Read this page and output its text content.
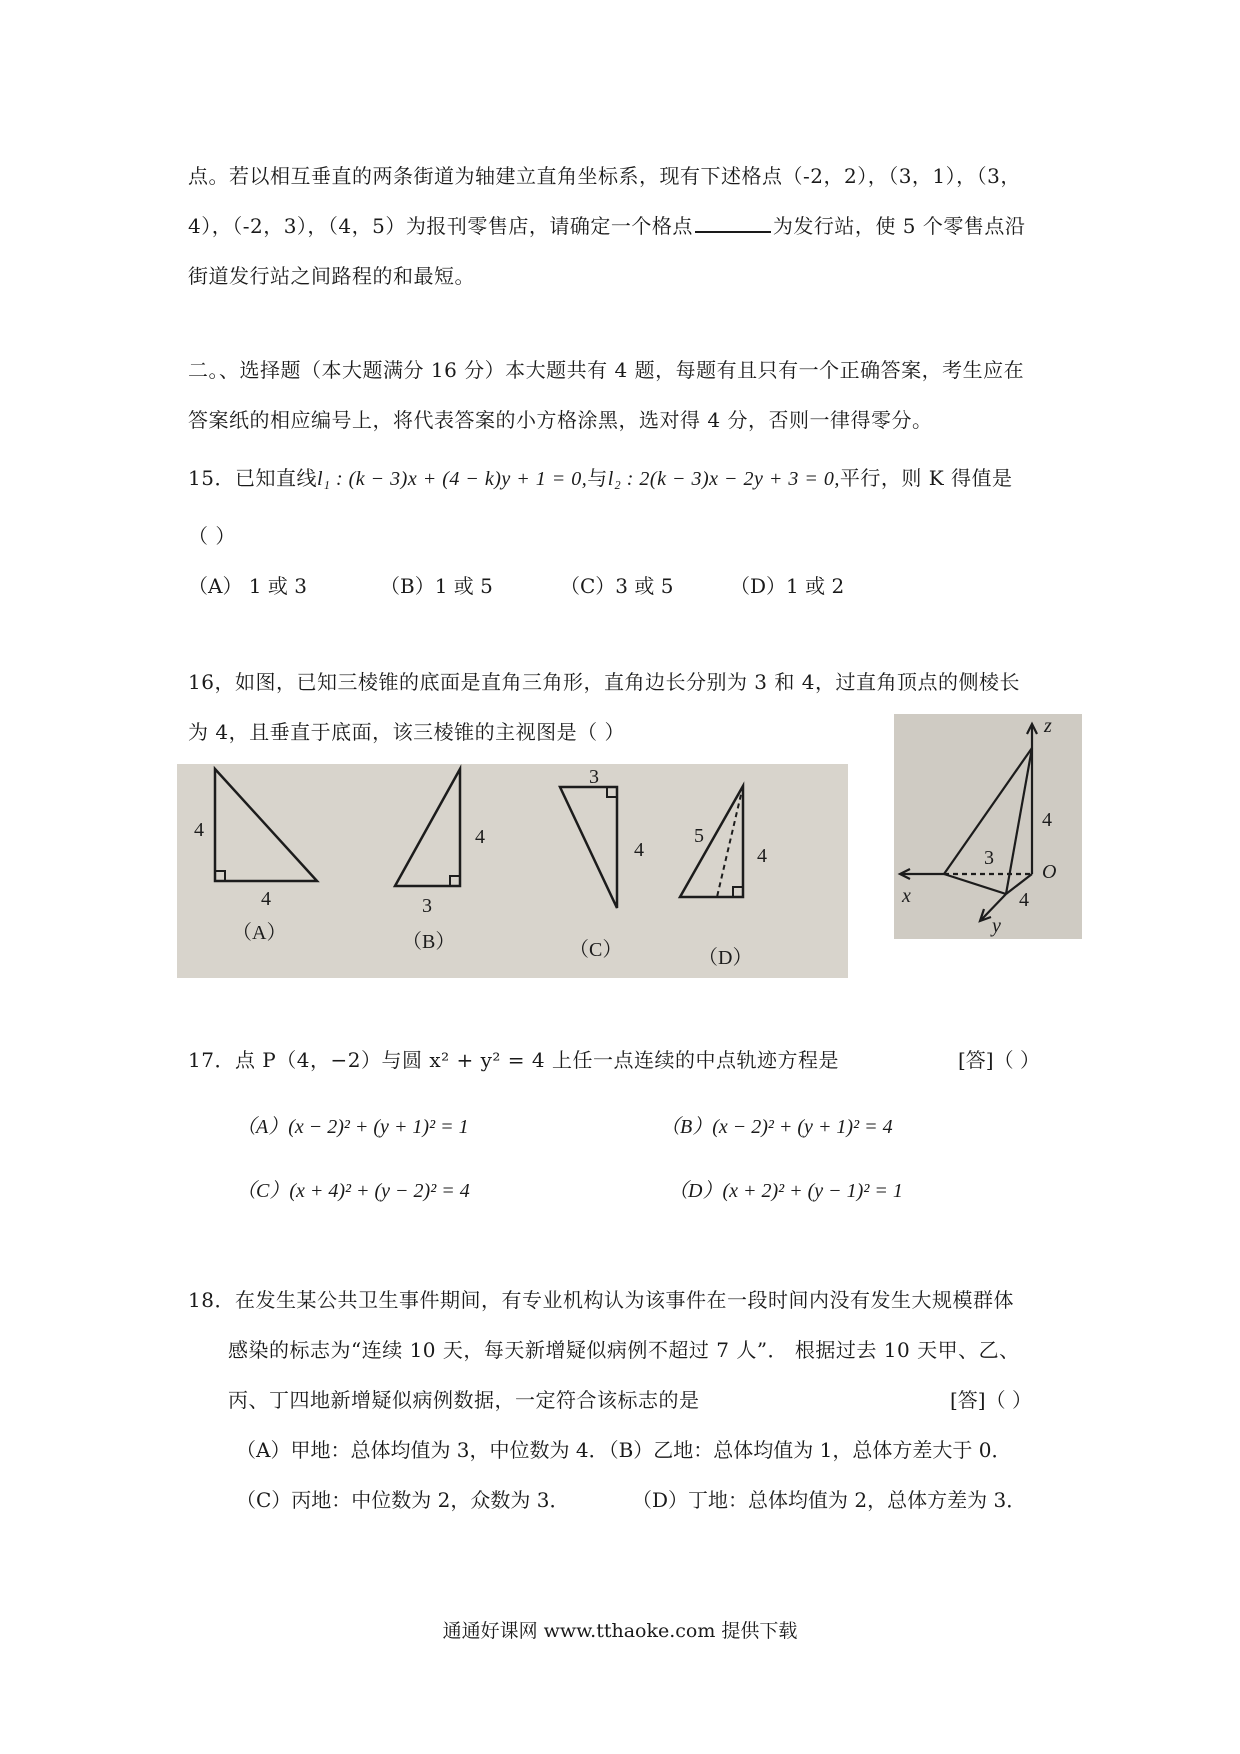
点。若以相互垂直的两条街道为轴建立直角坐标系，现有下述格点（-2，2），（3，1），（3，
4），（-2，3），（4，5）为报刊零售店，请确定一个格点	为发行站，使 5 个零售点沿
街道发行站之间路程的和最短。
二。、选择题（本大题满分 16 分）本大题共有 4 题，每题有且只有一个正确答案，考生应在
答案纸的相应编号上，将代表答案的小方格涂黑，选对得 4 分，否则一律得零分。
15．已知直线l₁ : (k − 3)x + (4 − k)y + 1 = 0,与l₂ : 2(k − 3)x − 2y + 3 = 0,平行，则 K 得值是
（ ）
（A） 1 或 3	（B）1 或 5	（C）3 或 5	（D）1 或 2
16，如图，已知三棱锥的底面是直角三角形，直角边长分别为 3 和 4，过直角顶点的侧棱长
为 4，且垂直于底面，该三棱锥的主视图是（ ）
4
4
（A）
4
3
（B）
3
4
（C）
5
4
（D）
z
4
O
3
4
x
y
17．点 P（4，−2）与圆 x² + y² = 4 上任一点连续的中点轨迹方程是	[答]（ ）
（A）(x − 2)² + (y + 1)² = 1	（B）(x − 2)² + (y + 1)² = 4
（C）(x + 4)² + (y − 2)² = 4	（D）(x + 2)² + (y − 1)² = 1
18．在发生某公共卫生事件期间，有专业机构认为该事件在一段时间内没有发生大规模群体
感染的标志为“连续 10 天，每天新增疑似病例不超过 7 人”． 根据过去 10 天甲、乙、
丙、丁四地新增疑似病例数据，一定符合该标志的是	[答]（ ）
（A）甲地：总体均值为 3，中位数为 4．（B）乙地：总体均值为 1，总体方差大于 0．
（C）丙地：中位数为 2，众数为 3．	（D）丁地：总体均值为 2，总体方差为 3．
通通好课网 www.tthaoke.com 提供下载
